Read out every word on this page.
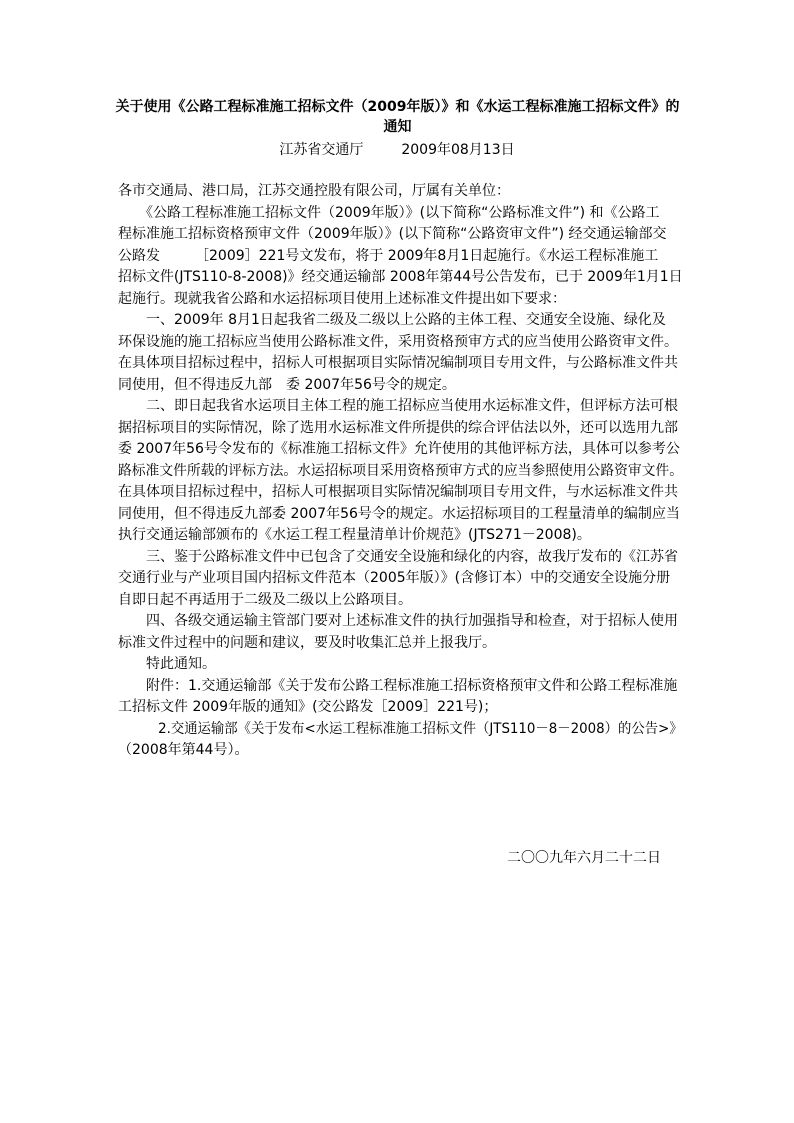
关于使用《公路工程标准施工招标文件（2009年版）》和《水运工程标准施工招标文件》的

通知

江苏省交通厅	2009年08月13日

各市交通局、港口局，江苏交通控股有限公司，厅属有关单位：

　　《公路工程标准施工招标文件（2009年版）》(以下简称“公路标准文件”) 和《公路工

程标准施工招标资格预审文件（2009年版）》(以下简称“公路资审文件”) 经交通运输部交

公路发　　　［2009］221号文发布，将于 2009年8月1日起施行。《水运工程标准施工

招标文件(JTS110-8-2008)》经交通运输部 2008年第44号公告发布，已于 2009年1月1日

起施行。现就我省公路和水运招标项目使用上述标准文件提出如下要求：

　　一、2009年 8月1日起我省二级及二级以上公路的主体工程、交通安全设施、绿化及

环保设施的施工招标应当使用公路标准文件，采用资格预审方式的应当使用公路资审文件。

在具体项目招标过程中，招标人可根据项目实际情况编制项目专用文件，与公路标准文件共

同使用，但不得违反九部　委 2007年56号令的规定。

　　二、即日起我省水运项目主体工程的施工招标应当使用水运标准文件，但评标方法可根

据招标项目的实际情况，除了选用水运标准文件所提供的综合评估法以外，还可以选用九部

委 2007年56号令发布的《标准施工招标文件》允许使用的其他评标方法，具体可以参考公

路标准文件所载的评标方法。水运招标项目采用资格预审方式的应当参照使用公路资审文件。

在具体项目招标过程中，招标人可根据项目实际情况编制项目专用文件，与水运标准文件共

同使用，但不得违反九部委 2007年56号令的规定。水运招标项目的工程量清单的编制应当

执行交通运输部颁布的《水运工程工程量清单计价规范》(JTS271－2008)。

　　三、鉴于公路标准文件中已包含了交通安全设施和绿化的内容，故我厅发布的《江苏省

交通行业与产业项目国内招标文件范本（2005年版）》(含修订本）中的交通安全设施分册

自即日起不再适用于二级及二级以上公路项目。

　　四、各级交通运输主管部门要对上述标准文件的执行加强指导和检查，对于招标人使用

标准文件过程中的问题和建议，要及时收集汇总并上报我厅。

　　特此通知。

　　附件：1.交通运输部《关于发布公路工程标准施工招标资格预审文件和公路工程标准施

工招标文件 2009年版的通知》(交公路发［2009］221号)；

　　　2.交通运输部《关于发布<水运工程标准施工招标文件（JTS110－8－2008）的公告>》

（2008年第44号）。

二〇〇九年六月二十二日
